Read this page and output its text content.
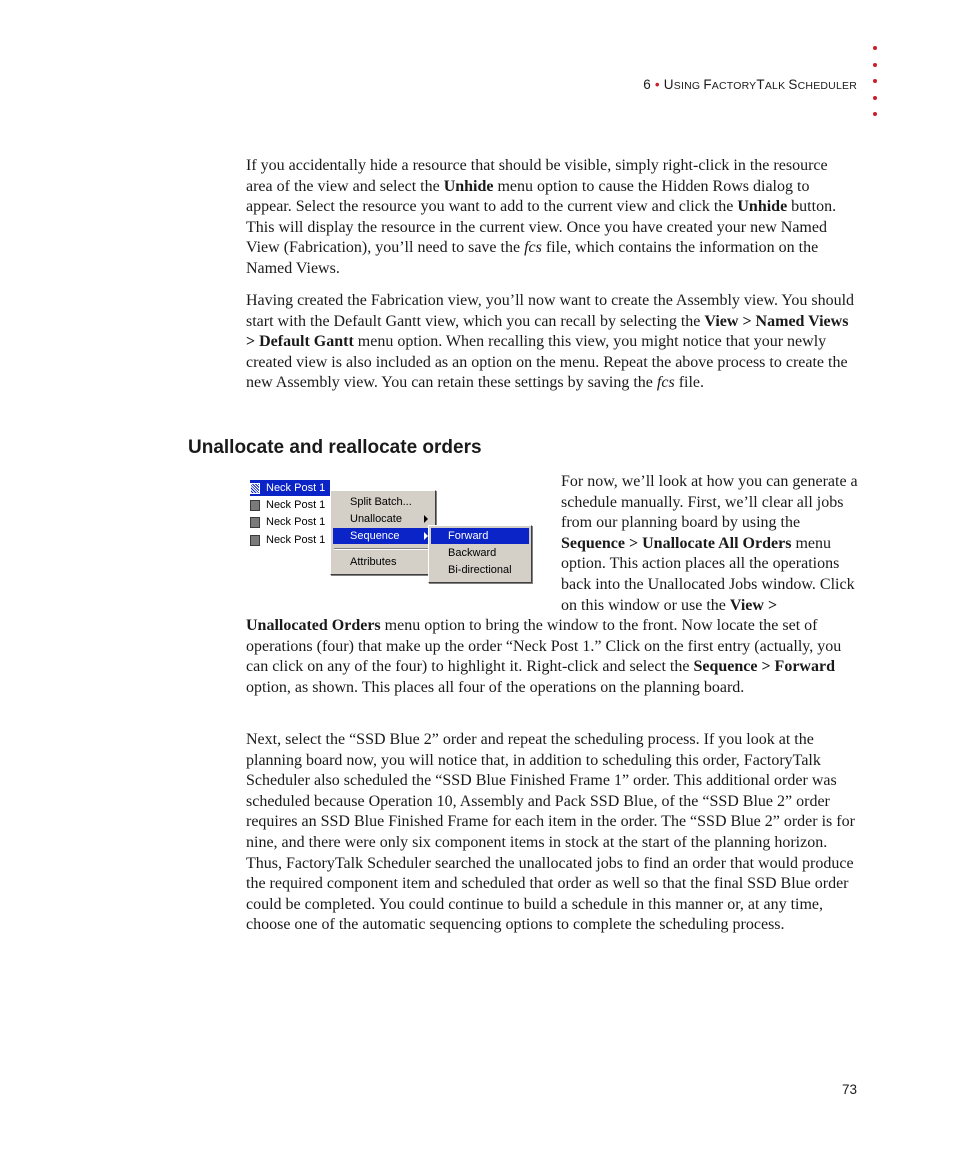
6 • USING FACTORYTALK SCHEDULER

If you accidentally hide a resource that should be visible, simply right-click in the resource area of the view and select the Unhide menu option to cause the Hidden Rows dialog to appear. Select the resource you want to add to the current view and click the Unhide button. This will display the resource in the current view. Once you have created your new Named View (Fabrication), you’ll need to save the fcs file, which contains the information on the Named Views.

Having created the Fabrication view, you’ll now want to create the Assembly view. You should start with the Default Gantt view, which you can recall by selecting the View > Named Views > Default Gantt menu option. When recalling this view, you might notice that your newly created view is also included as an option on the menu. Repeat the above process to create the new Assembly view. You can retain these settings by saving the fcs file.

Unallocate and reallocate orders

For now, we’ll look at how you can generate a schedule manually. First, we’ll clear all jobs from our planning board by using the Sequence > Unallocate All Orders menu option. This action places all the operations back into the Unallocated Jobs window. Click on this window or use the View > Unallocated Orders menu option to bring the window to the front. Now locate the set of operations (four) that make up the order “Neck Post 1.” Click on the first entry (actually, you can click on any of the four) to highlight it. Right-click and select the Sequence > Forward option, as shown. This places all four of the operations on the planning board.

Neck Post 1
Neck Post 1
Neck Post 1
Neck Post 1
Split Batch...
Unallocate
Sequence
Attributes
Forward
Backward
Bi-directional

Next, select the “SSD Blue 2” order and repeat the scheduling process. If you look at the planning board now, you will notice that, in addition to scheduling this order, FactoryTalk Scheduler also scheduled the “SSD Blue Finished Frame 1” order. This additional order was scheduled because Operation 10, Assembly and Pack SSD Blue, of the “SSD Blue 2” order requires an SSD Blue Finished Frame for each item in the order. The “SSD Blue 2” order is for nine, and there were only six component items in stock at the start of the planning horizon. Thus, FactoryTalk Scheduler searched the unallocated jobs to find an order that would produce the required component item and scheduled that order as well so that the final SSD Blue order could be completed. You could continue to build a schedule in this manner or, at any time, choose one of the automatic sequencing options to complete the scheduling process.

73
